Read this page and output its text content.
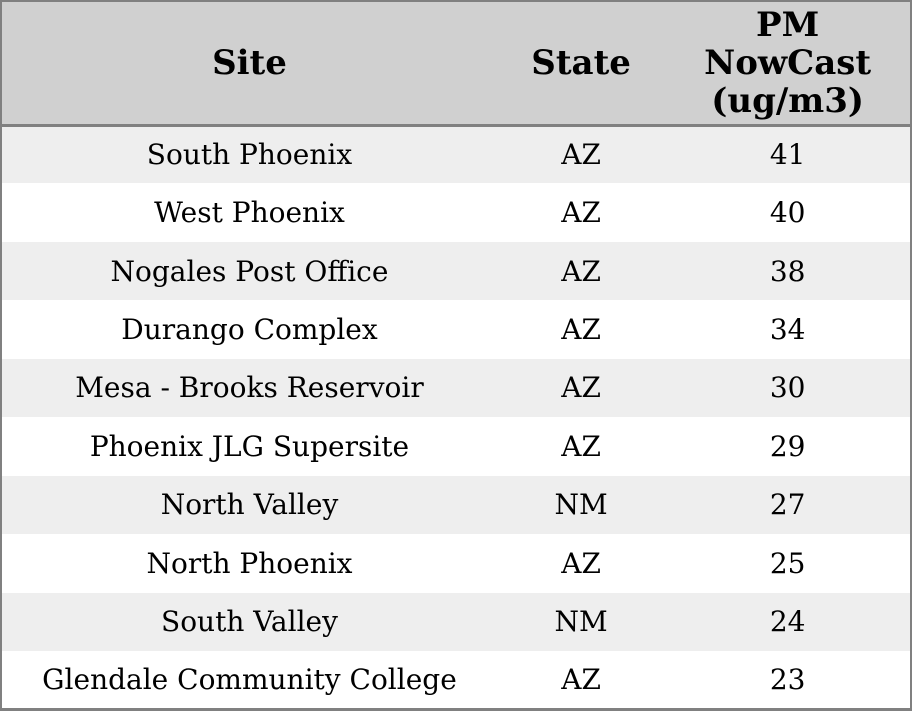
Site	State	PM NowCast (ug/m3)
South Phoenix	AZ	41
West Phoenix	AZ	40
Nogales Post Office	AZ	38
Durango Complex	AZ	34
Mesa - Brooks Reservoir	AZ	30
Phoenix JLG Supersite	AZ	29
North Valley	NM	27
North Phoenix	AZ	25
South Valley	NM	24
Glendale Community College	AZ	23
